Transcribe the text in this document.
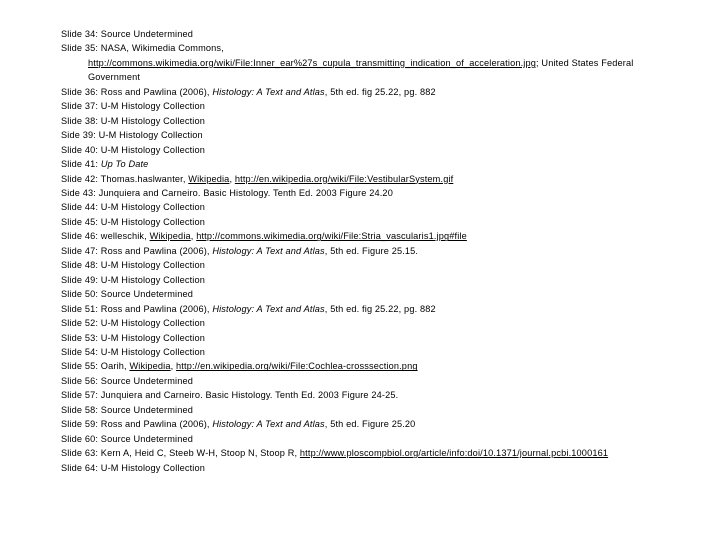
Slide 34: Source Undetermined
Slide 35: NASA, Wikimedia Commons,
http://commons.wikimedia.org/wiki/File:Inner_ear%27s_cupula_transmitting_indication_of_acceleration.jpg; United States Federal
Government
Slide 36: Ross and Pawlina (2006), Histology: A Text and Atlas, 5th ed. fig 25.22, pg. 882
Slide 37: U-M Histology Collection
Slide 38: U-M Histology Collection
Side 39: U-M Histology Collection
Slide 40: U-M Histology Collection
Slide 41: Up To Date
Slide 42: Thomas.haslwanter, Wikipedia, http://en.wikipedia.org/wiki/File:VestibularSystem.gif
Side 43: Junquiera and Carneiro. Basic Histology. Tenth Ed. 2003 Figure 24.20
Slide 44: U-M Histology Collection
Slide 45: U-M Histology Collection
Slide 46: welleschik, Wikipedia, http://commons.wikimedia.org/wiki/File:Stria_vascularis1.jpg#file
Slide 47: Ross and Pawlina (2006), Histology: A Text and Atlas, 5th ed. Figure 25.15.
Slide 48: U-M Histology Collection
Slide 49: U-M Histology Collection
Slide 50: Source Undetermined
Slide 51: Ross and Pawlina (2006), Histology: A Text and Atlas, 5th ed. fig 25.22, pg. 882
Slide 52: U-M Histology Collection
Slide 53: U-M Histology Collection
Slide 54: U-M Histology Collection
Slide 55: Oarih, Wikipedia, http://en.wikipedia.org/wiki/File:Cochlea-crosssection.png
Slide 56: Source Undetermined
Slide 57: Junquiera and Carneiro. Basic Histology. Tenth Ed. 2003 Figure 24-25.
Slide 58: Source Undetermined
Slide 59: Ross and Pawlina (2006), Histology: A Text and Atlas, 5th ed. Figure 25.20
Slide 60: Source Undetermined
Slide 63: Kern A, Heid C, Steeb W-H, Stoop N, Stoop R, http://www.ploscompbiol.org/article/info:doi/10.1371/journal.pcbi.1000161
Slide 64: U-M Histology Collection
